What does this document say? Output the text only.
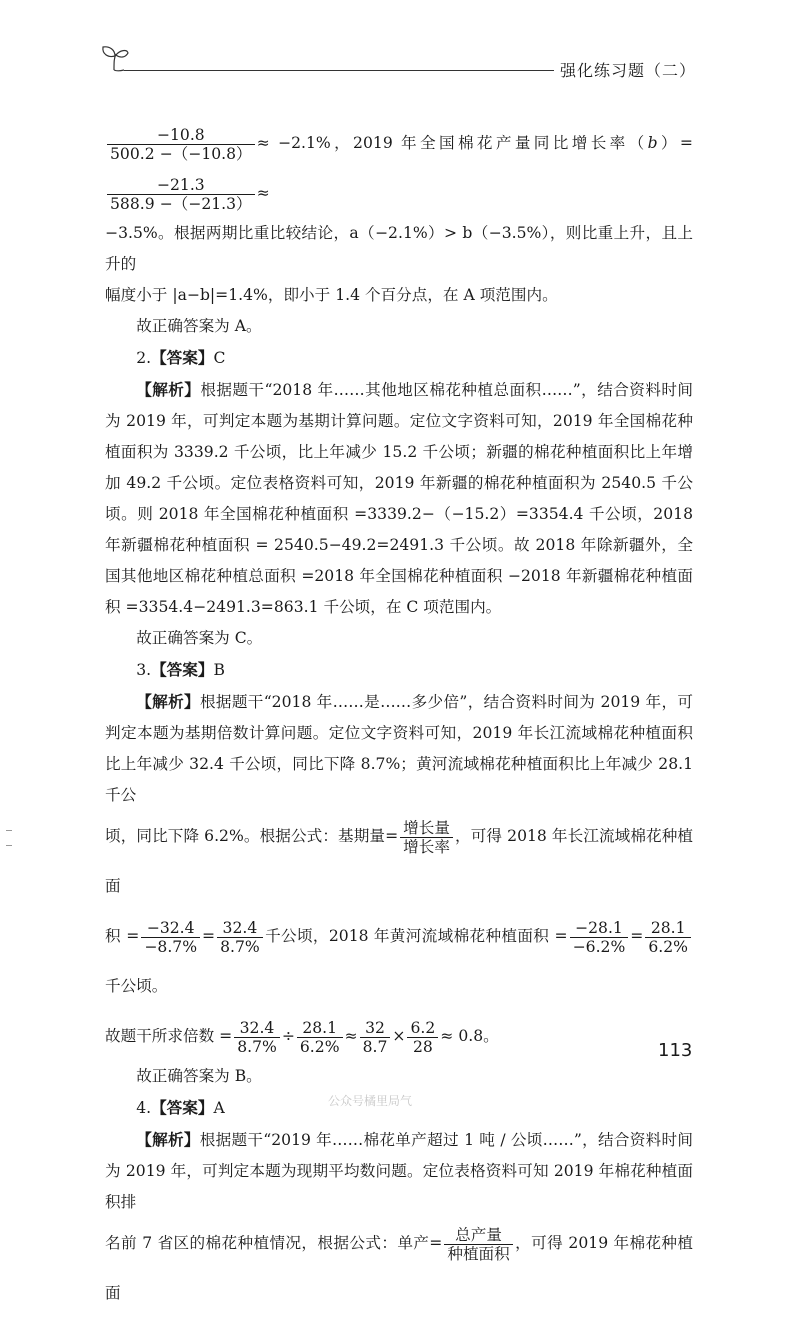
强化练习题（二）

$\frac{-10.8}{500.2 -(-10.8)} \approx -2.1\%$，2019 年全国棉花产量同比增长率（b）=
$\frac{-21.3}{588.9 -(-21.3)}$ ≈

−3.5%。根据两期比重比较结论，a（−2.1%）> b（−3.5%），则比重上升，且上升的

幅度小于 |a−b|=1.4%，即小于 1.4 个百分点，在 A 项范围内。

故正确答案为 A。

2.【答案】C

【解析】根据题干“2018 年……其他地区棉花种植总面积……”，结合资料时间为 2019 年，可判定本题为基期计算问题。定位文字资料可知，2019 年全国棉花种植面积为 3339.2 千公顷，比上年减少 15.2 千公顷；新疆的棉花种植面积比上年增加 49.2 千公顷。定位表格资料可知，2019 年新疆的棉花种植面积为 2540.5 千公顷。则 2018 年全国棉花种植面积 =3339.2−（−15.2）=3354.4 千公顷，2018 年新疆棉花种植面积 = 2540.5−49.2=2491.3 千公顷。故 2018 年除新疆外，全国其他地区棉花种植总面积 =2018 年全国棉花种植面积 −2018 年新疆棉花种植面积 =3354.4−2491.3=863.1 千公顷，在 C 项范围内。

故正确答案为 C。

3.【答案】B

【解析】根据题干“2018 年……是……多少倍”，结合资料时间为 2019 年，可判定本题为基期倍数计算问题。定位文字资料可知，2019 年长江流域棉花种植面积比上年减少 32.4 千公顷，同比下降 8.7%；黄河流域棉花种植面积比上年减少 28.1 千公

顷，同比下降 6.2%。根据公式：基期量= $\frac{\text{增长量}}{\text{增长率}}$ ，可得 2018 年长江流域棉花种植面

积 = $\frac{-32.4}{-8.7\%} = \frac{32.4}{8.7\%}$ 千公顷，2018 年黄河流域棉花种植面积 = $\frac{-28.1}{-6.2\%} = \frac{28.1}{6.2\%}$
千公顷。

故题干所求倍数 = $\frac{32.4}{8.7\%} \div \frac{28.1}{6.2\%} \approx \frac{32}{8.7} \times \frac{6.2}{28} \approx 0.8$。

故正确答案为 B。

4.【答案】A

【解析】根据题干“2019 年……棉花单产超过 1 吨 / 公顷……”，结合资料时间为 2019 年，可判定本题为现期平均数问题。定位表格资料可知 2019 年棉花种植面积排

名前 7 省区的棉花种植情况，根据公式：单产= $\frac{\text{总产量}}{\text{种植面积}}$ ，可得 2019 年棉花种植面

113
公众号橘里局气
